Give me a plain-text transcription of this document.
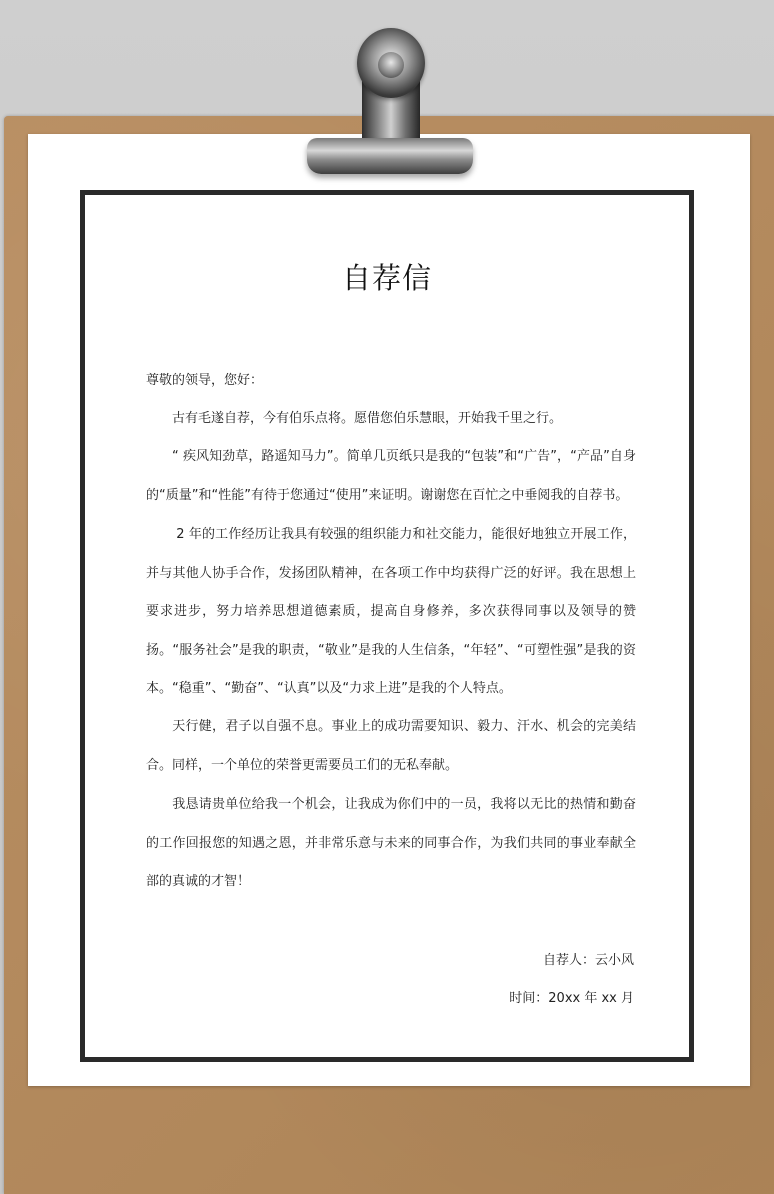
自荐信

尊敬的领导，您好：

古有毛遂自荐，今有伯乐点将。愿借您伯乐慧眼，开始我千里之行。

“ 疾风知劲草，路遥知马力”。简单几页纸只是我的“包装”和“广告”，“产品”自身的“质量”和“性能”有待于您通过“使用”来证明。谢谢您在百忙之中垂阅我的自荐书。

2 年的工作经历让我具有较强的组织能力和社交能力，能很好地独立开展工作，并与其他人协手合作，发扬团队精神，在各项工作中均获得广泛的好评。我在思想上要求进步，努力培养思想道德素质，提高自身修养，多次获得同事以及领导的赞扬。“服务社会”是我的职责，“敬业”是我的人生信条，“年轻”、“可塑性强”是我的资本。“稳重”、“勤奋”、“认真”以及“力求上进”是我的个人特点。

天行健，君子以自强不息。事业上的成功需要知识、毅力、汗水、机会的完美结合。同样，一个单位的荣誉更需要员工们的无私奉献。

我恳请贵单位给我一个机会，让我成为你们中的一员，我将以无比的热情和勤奋的工作回报您的知遇之恩，并非常乐意与未来的同事合作，为我们共同的事业奉献全部的真诚的才智！

自荐人：云小风

时间：20xx 年 xx 月
